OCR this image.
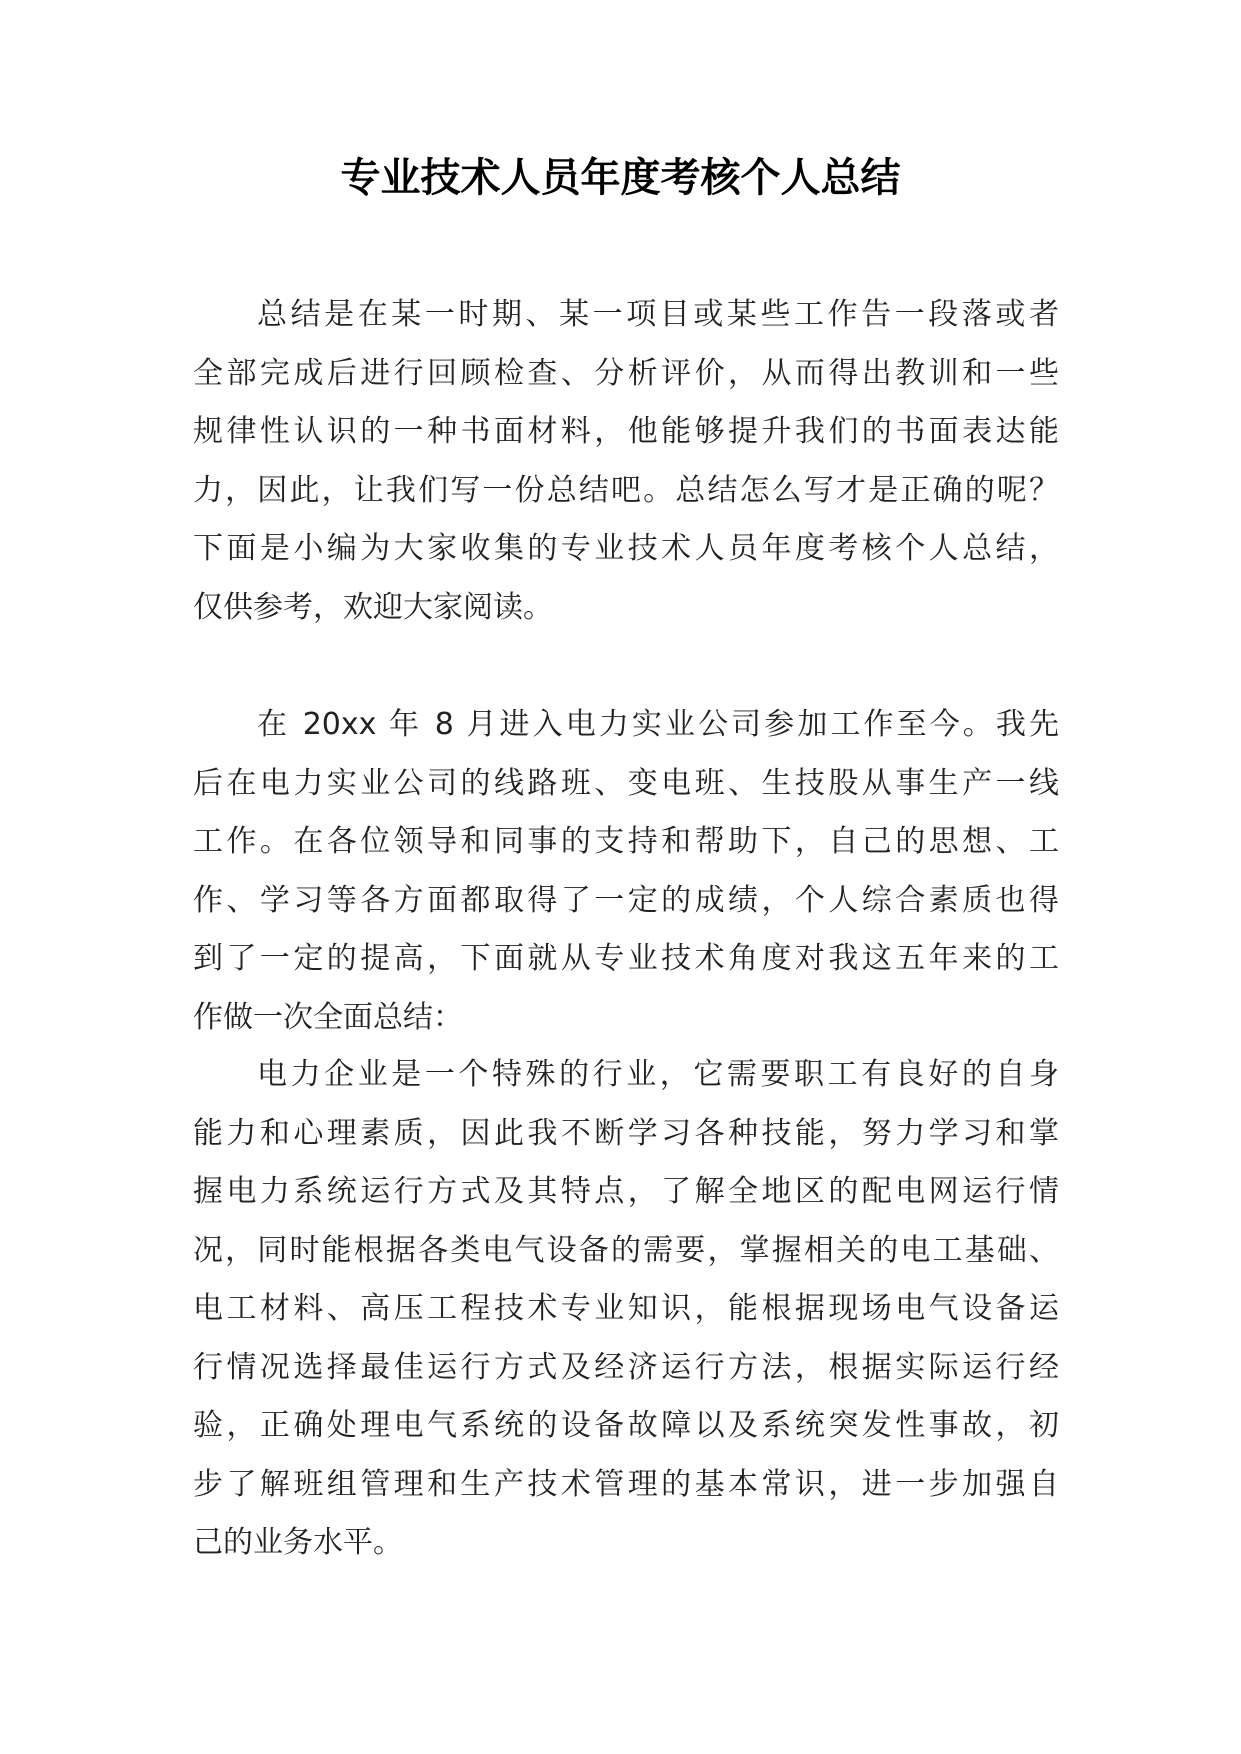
专业技术人员年度考核个人总结
总结是在某一时期、某一项目或某些工作告一段落或者
全部完成后进行回顾检查、分析评价，从而得出教训和一些
规律性认识的一种书面材料，他能够提升我们的书面表达能
力，因此，让我们写一份总结吧。总结怎么写才是正确的呢？
下面是小编为大家收集的专业技术人员年度考核个人总结，
仅供参考，欢迎大家阅读。
在 20xx 年 8 月进入电力实业公司参加工作至今。我先
后在电力实业公司的线路班、变电班、生技股从事生产一线
工作。在各位领导和同事的支持和帮助下，自己的思想、工
作、学习等各方面都取得了一定的成绩，个人综合素质也得
到了一定的提高，下面就从专业技术角度对我这五年来的工
作做一次全面总结：
电力企业是一个特殊的行业，它需要职工有良好的自身
能力和心理素质，因此我不断学习各种技能，努力学习和掌
握电力系统运行方式及其特点，了解全地区的配电网运行情
况，同时能根据各类电气设备的需要，掌握相关的电工基础、
电工材料、高压工程技术专业知识，能根据现场电气设备运
行情况选择最佳运行方式及经济运行方法，根据实际运行经
验，正确处理电气系统的设备故障以及系统突发性事故，初
步了解班组管理和生产技术管理的基本常识，进一步加强自
己的业务水平。
